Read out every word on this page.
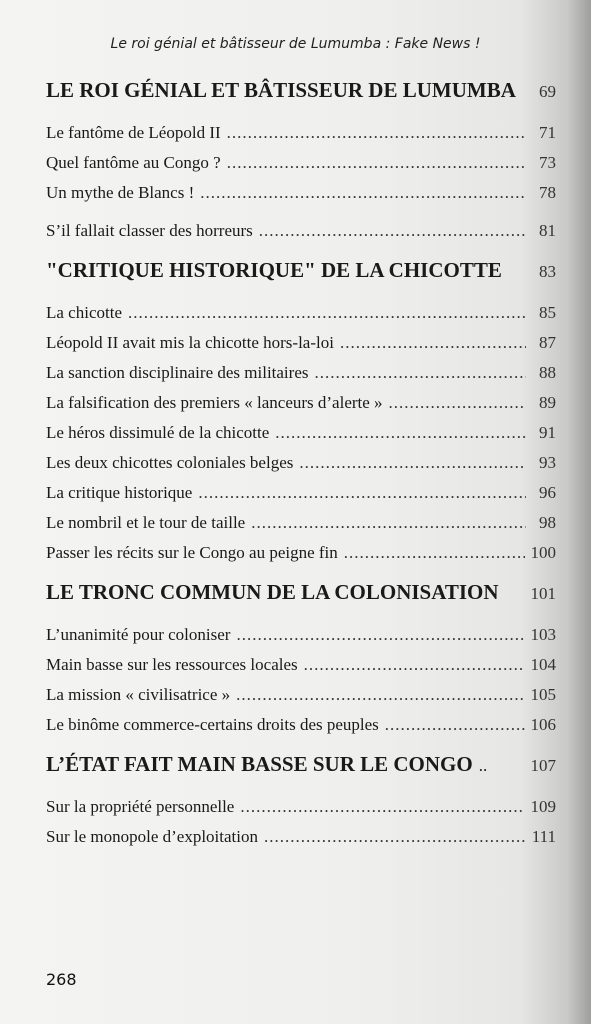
Le roi génial et bâtisseur de Lumumba : Fake News !
LE ROI GÉNIAL ET BÂTISSEUR DE LUMUMBA 69
Le fantôme de Léopold II .....	71
Quel fantôme au Congo ? .....	73
Un mythe de Blancs ! .....	78
S’il fallait classer des horreurs .....	81
"CRITIQUE HISTORIQUE" DE LA CHICOTTE 83
La chicotte .....	85
Léopold II avait mis la chicotte hors-la-loi .....	87
La sanction disciplinaire des militaires .....	88
La falsification des premiers « lanceurs d’alerte » .....	89
Le héros dissimulé de la chicotte .....	91
Les deux chicottes coloniales belges .....	93
La critique historique .....	96
Le nombril et le tour de taille .....	98
Passer les récits sur le Congo au peigne fin .....	100
LE TRONC COMMUN DE LA COLONISATION 101
L’unanimité pour coloniser .....	103
Main basse sur les ressources locales .....	104
La mission « civilisatrice » .....	105
Le binôme commerce-certains droits des peuples .....	106
L’ÉTAT FAIT MAIN BASSE SUR LE CONGO ..	107
Sur la propriété personnelle .....	109
Sur le monopole d’exploitation .....	111
268
